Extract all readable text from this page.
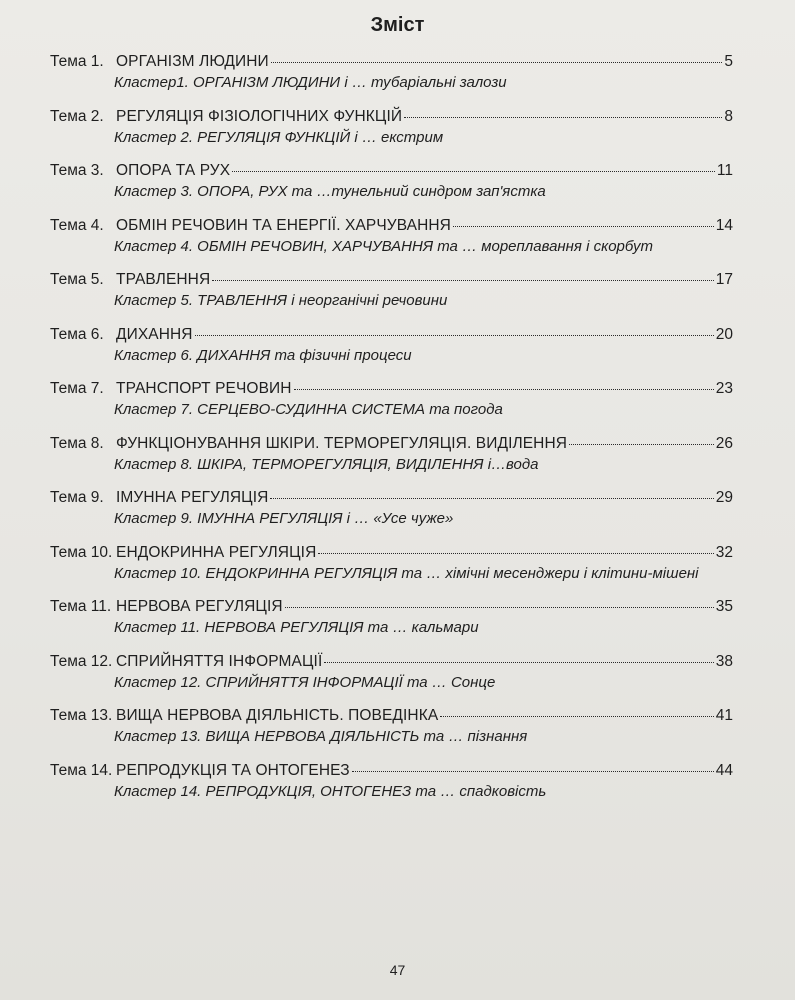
Зміст
Тема 1. ОРГАНІЗМ ЛЮДИНИ	5
Кластер1. ОРГАНІЗМ ЛЮДИНИ і … тубаріальні залози
Тема 2. РЕГУЛЯЦІЯ ФІЗІОЛОГІЧНИХ ФУНКЦІЙ	8
Кластер 2. РЕГУЛЯЦІЯ ФУНКЦІЙ і … екстрим
Тема 3. ОПОРА ТА РУХ	11
Кластер 3. ОПОРА, РУХ та …тунельний синдром зап'ястка
Тема 4. ОБМІН РЕЧОВИН ТА ЕНЕРГІЇ. ХАРЧУВАННЯ	14
Кластер 4. ОБМІН РЕЧОВИН, ХАРЧУВАННЯ та … мореплавання і скорбут
Тема 5. ТРАВЛЕННЯ	17
Кластер 5. ТРАВЛЕННЯ і неорганічні речовини
Тема 6. ДИХАННЯ	20
Кластер 6. ДИХАННЯ та фізичні процеси
Тема 7. ТРАНСПОРТ РЕЧОВИН	23
Кластер 7. СЕРЦЕВО-СУДИННА СИСТЕМА та погода
Тема 8. ФУНКЦІОНУВАННЯ ШКІРИ. ТЕРМОРЕГУЛЯЦІЯ. ВИДІЛЕННЯ	26
Кластер 8. ШКІРА, ТЕРМОРЕГУЛЯЦІЯ, ВИДІЛЕННЯ і…вода
Тема 9. ІМУННА РЕГУЛЯЦІЯ	29
Кластер 9. ІМУННА РЕГУЛЯЦІЯ і … «Усе чуже»
Тема 10. ЕНДОКРИННА РЕГУЛЯЦІЯ	32
Кластер 10. ЕНДОКРИННА РЕГУЛЯЦІЯ та … хімічні месенджери і клітини-мішені
Тема 11. НЕРВОВА РЕГУЛЯЦІЯ	35
Кластер 11. НЕРВОВА РЕГУЛЯЦІЯ та … кальмари
Тема 12. СПРИЙНЯТТЯ ІНФОРМАЦІЇ	38
Кластер 12. СПРИЙНЯТТЯ ІНФОРМАЦІЇ та … Сонце
Тема 13. ВИЩА НЕРВОВА ДІЯЛЬНІСТЬ. ПОВЕДІНКА	41
Кластер 13. ВИЩА НЕРВОВА ДІЯЛЬНІСТЬ та … пізнання
Тема 14. РЕПРОДУКЦІЯ ТА ОНТОГЕНЕЗ	44
Кластер 14. РЕПРОДУКЦІЯ, ОНТОГЕНЕЗ та … спадковість
47
